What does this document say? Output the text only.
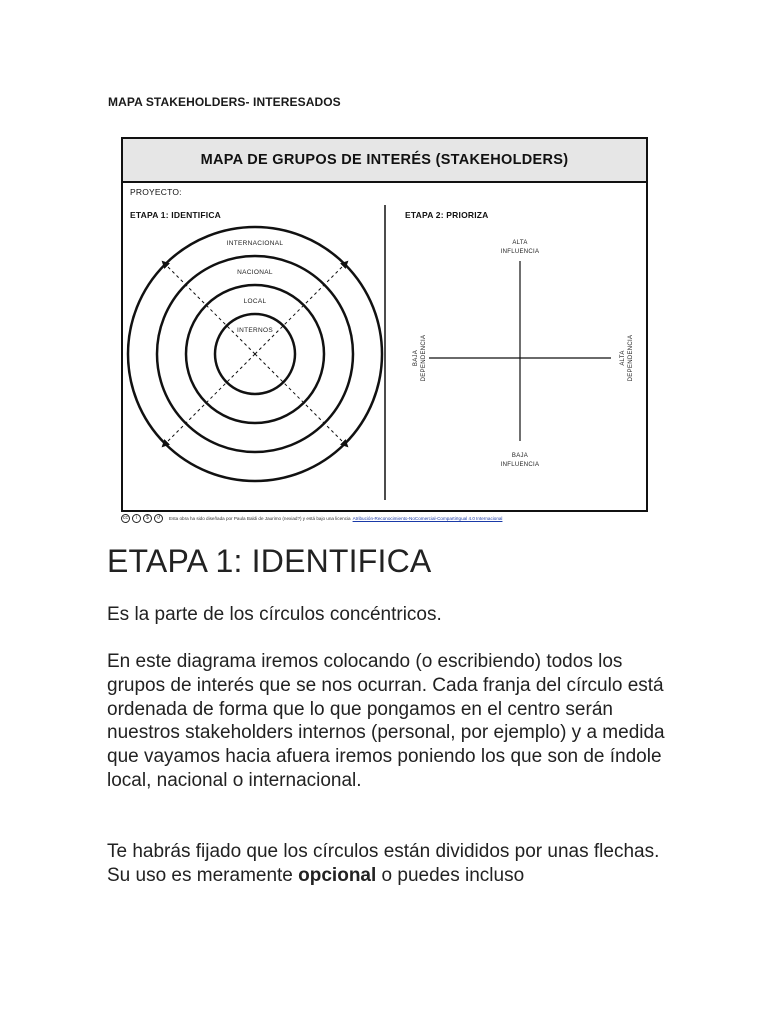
MAPA STAKEHOLDERS- INTERESADOS
MAPA DE GRUPOS DE INTERÉS (STAKEHOLDERS)
PROYECTO:
ETAPA 1: IDENTIFICA	ETAPA 2: PRIORIZA
INTERNACIONAL
NACIONAL
LOCAL
INTERNOS
ALTA
INFLUENCIA
BAJA
INFLUENCIA
BAJA DEPENDENCIA	ALTA DEPENDENCIA
cc	i	$	↺	Esta obra ha sido diseñada por Paula Baldi de Jaurimo (nexiad?) y está bajo una licencia Atribución-Reconocimiento-NoComercial-CompartirIgual 4.0 Internacional
ETAPA 1: IDENTIFICA
Es la parte de los círculos concéntricos.
En este diagrama iremos colocando (o escribiendo) todos los grupos de interés que se nos ocurran. Cada franja del círculo está ordenada de forma que lo que pongamos en el centro serán nuestros stakeholders internos (personal, por ejemplo) y a medida que vayamos hacia afuera iremos poniendo los que son de índole local, nacional o internacional.
Te habrás fijado que los círculos están divididos por unas flechas. Su uso es meramente opcional o puedes incluso
